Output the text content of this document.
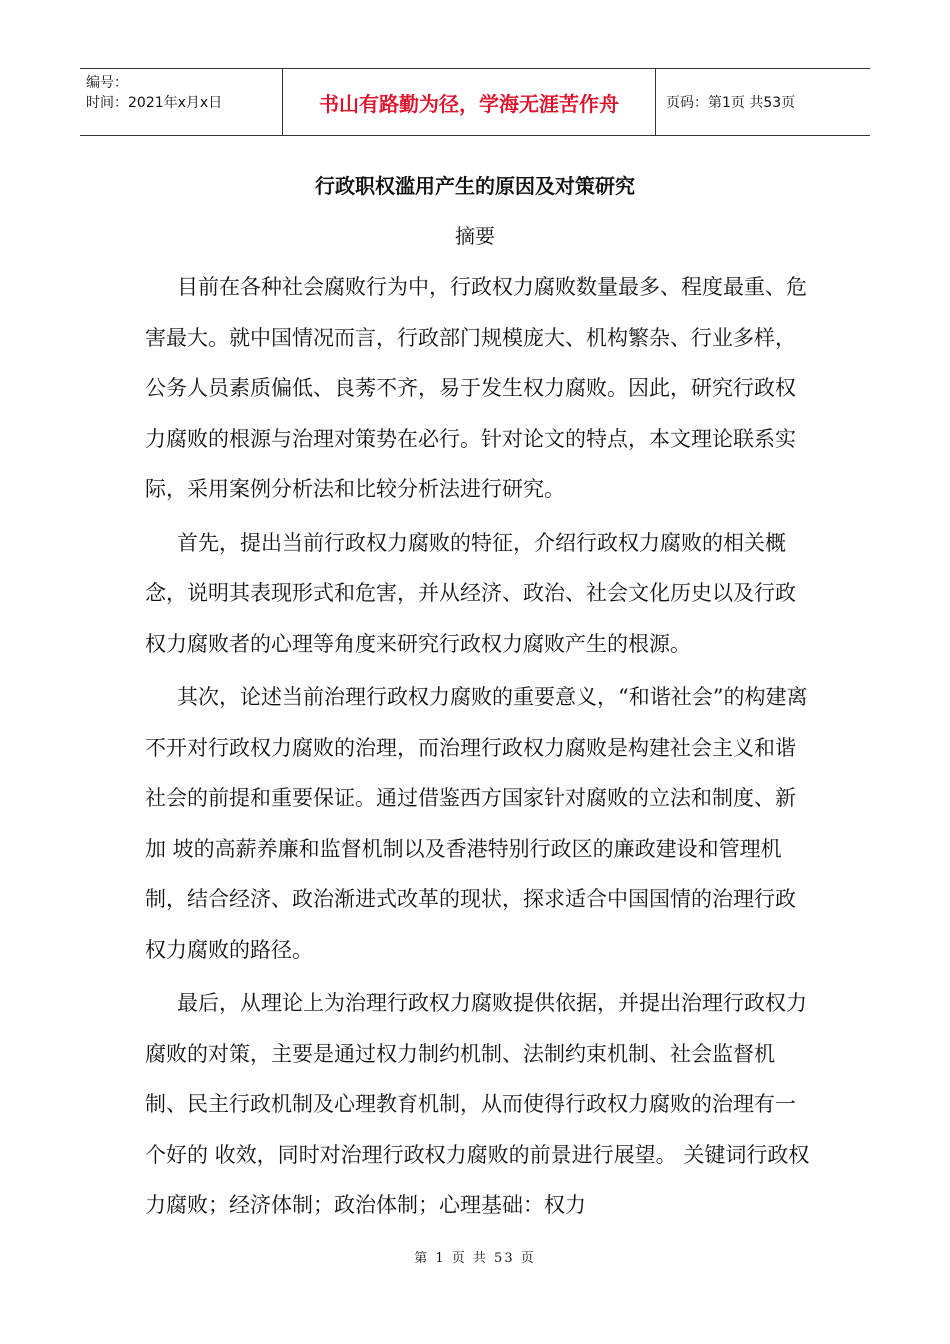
编号：
时间：2021年x月x日	书山有路勤为径，学海无涯苦作舟	页码：第1页 共53页
行政职权滥用产生的原因及对策研究
摘要

目前在各种社会腐败行为中，行政权力腐败数量最多、程度最重、危害最大。就中国情况而言，行政部门规模庞大、机构繁杂、行业多样，公务人员素质偏低、良莠不齐，易于发生权力腐败。因此，研究行政权力腐败的根源与治理对策势在必行。针对论文的特点，本文理论联系实际，采用案例分析法和比较分析法进行研究。

首先，提出当前行政权力腐败的特征，介绍行政权力腐败的相关概念，说明其表现形式和危害，并从经济、政治、社会文化历史以及行政权力腐败者的心理等角度来研究行政权力腐败产生的根源。

其次，论述当前治理行政权力腐败的重要意义，“和谐社会”的构建离不开对行政权力腐败的治理，而治理行政权力腐败是构建社会主义和谐社会的前提和重要保证。通过借鉴西方国家针对腐败的立法和制度、新加 坡的高薪养廉和监督机制以及香港特别行政区的廉政建设和管理机制，结合经济、政治渐进式改革的现状，探求适合中国国情的治理行政权力腐败的路径。

最后，从理论上为治理行政权力腐败提供依据，并提出治理行政权力腐败的对策，主要是通过权力制约机制、法制约束机制、社会监督机制、民主行政机制及心理教育机制，从而使得行政权力腐败的治理有一个好的 收效，同时对治理行政权力腐败的前景进行展望。 关键词行政权力腐败；经济体制；政治体制；心理基础：权力

第 1 页 共 53 页
